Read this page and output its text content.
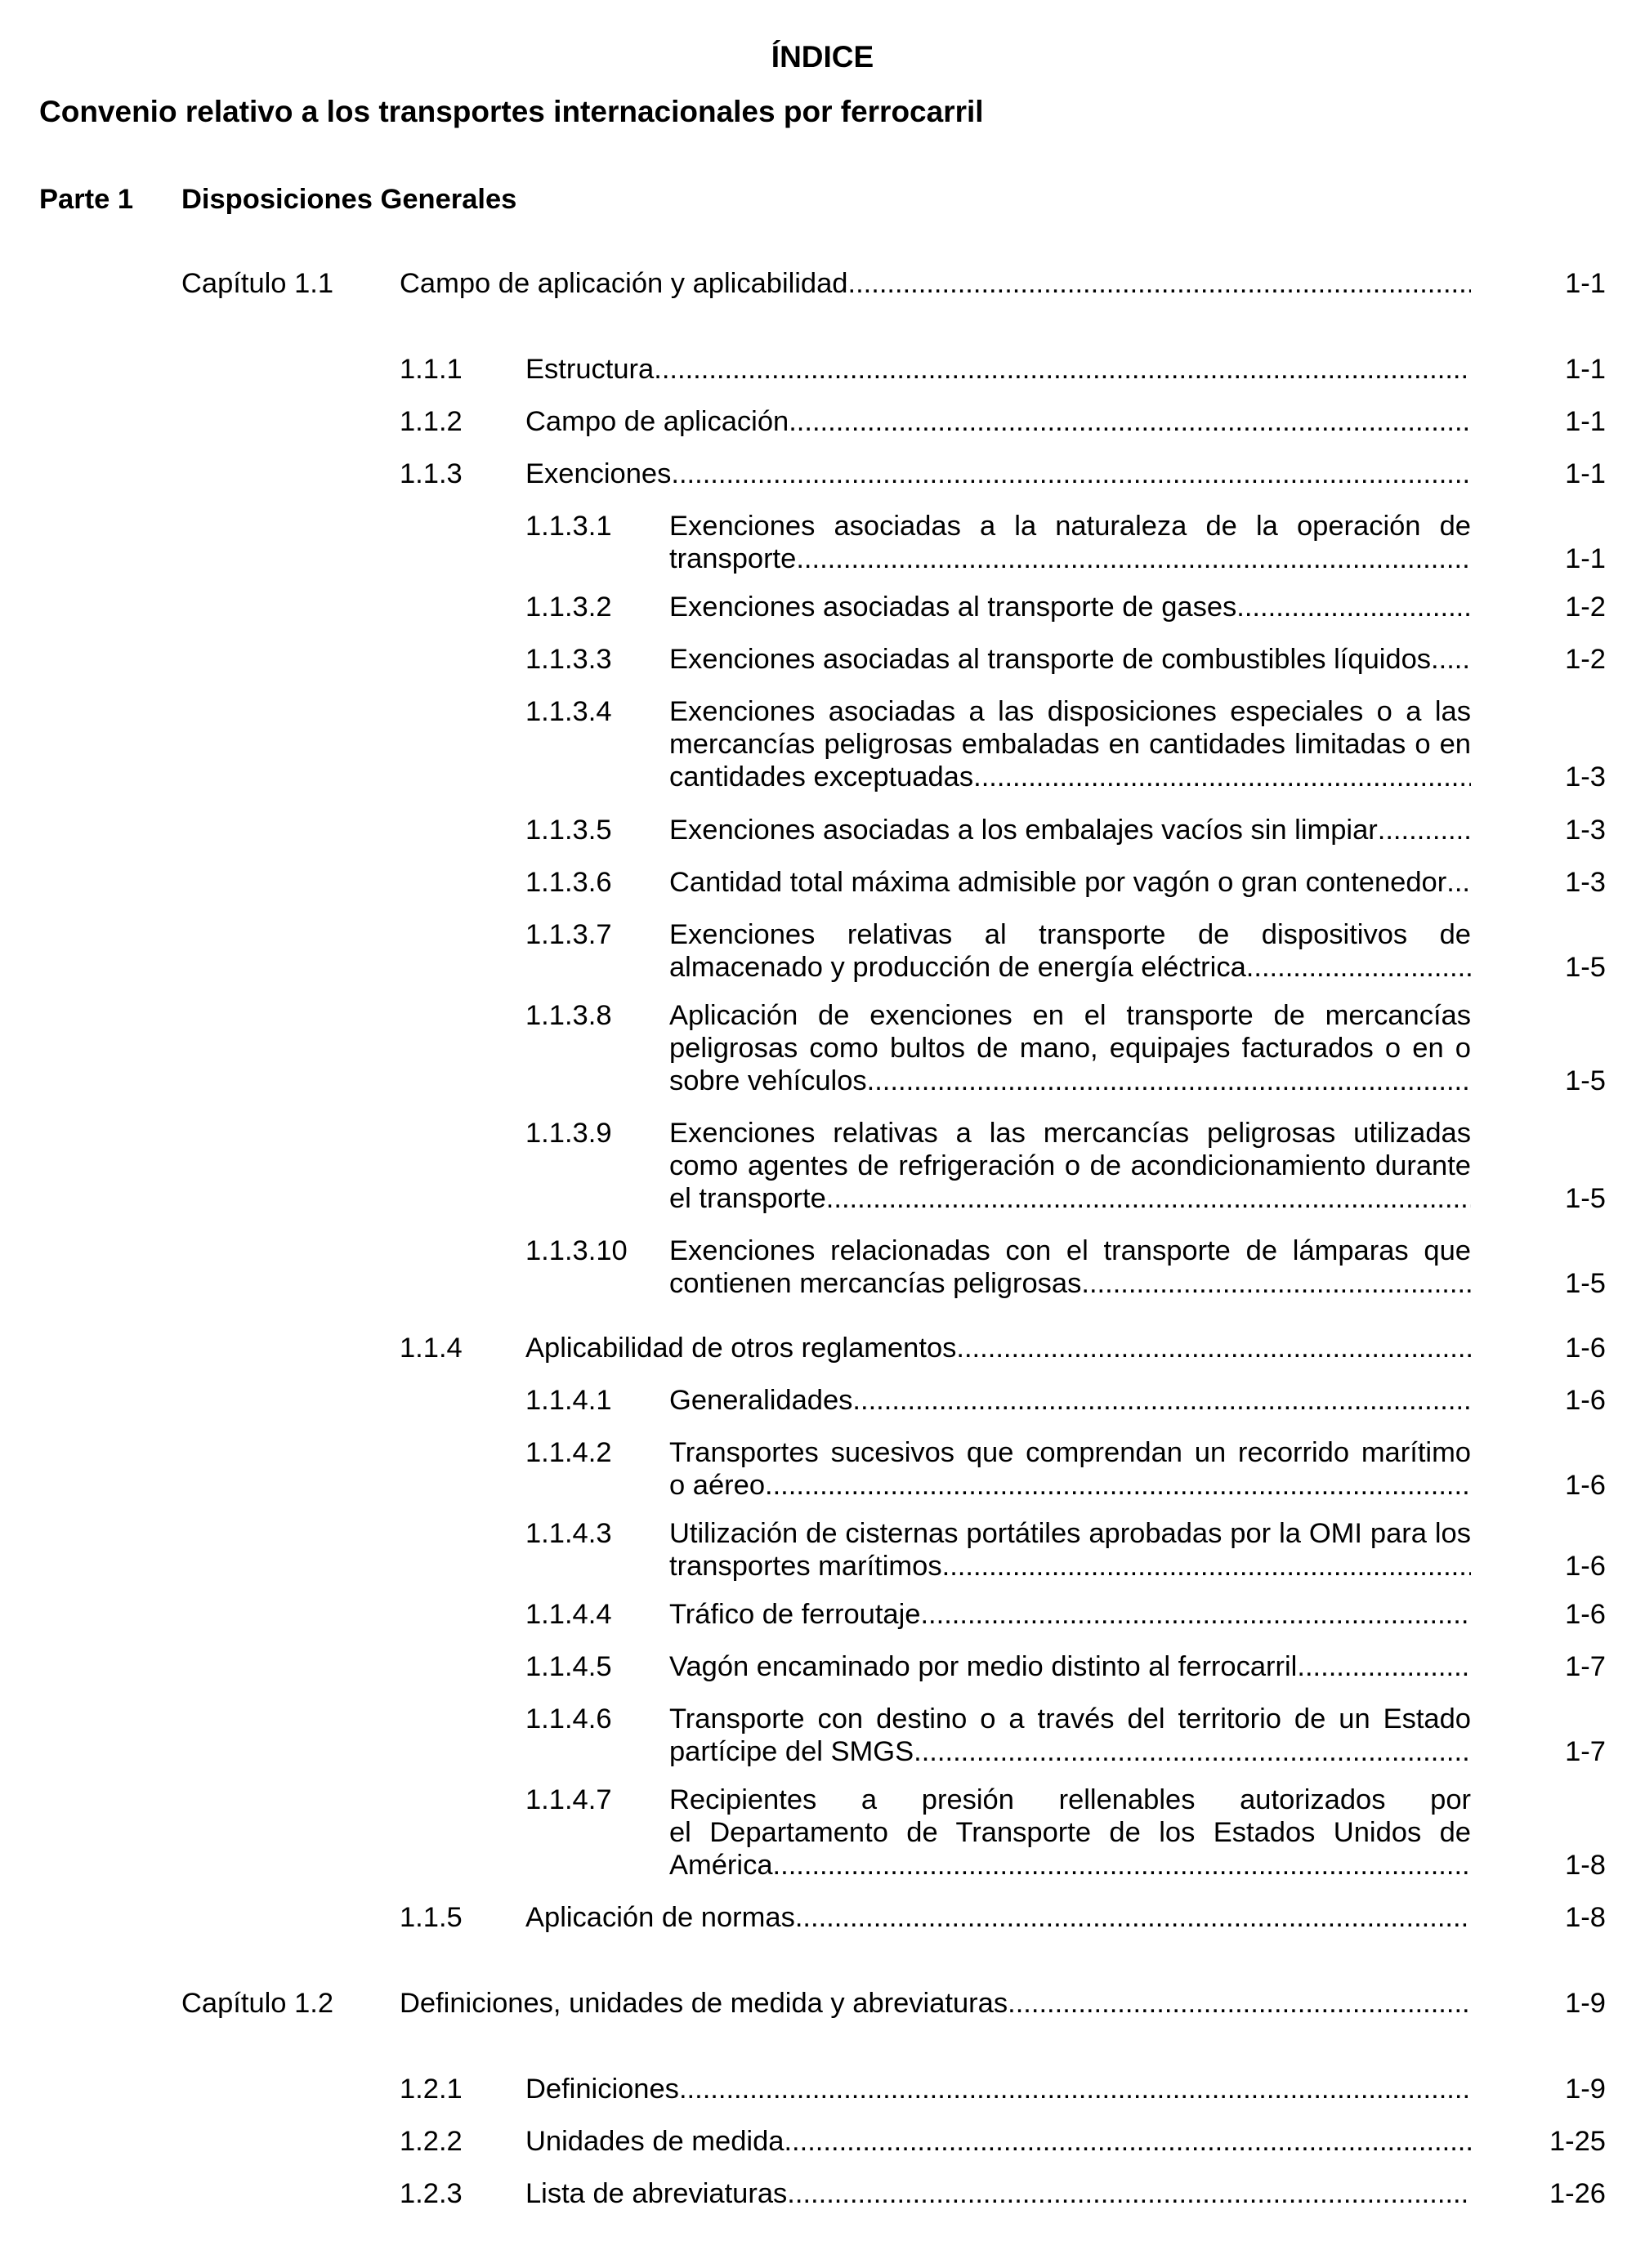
ÍNDICE
Convenio relativo a los transportes internacionales por ferrocarril
Parte 1 Disposiciones Generales
Capítulo 1.1 Campo de aplicación y aplicabilidad .....	1-1
1.1.1 Estructura .....	1-1
1.1.2 Campo de aplicación .....	1-1
1.1.3 Exenciones .....	1-1
1.1.3.1 Exenciones asociadas a la naturaleza de la operación de
transporte .....	1-1
1.1.3.2 Exenciones asociadas al transporte de gases .....	1-2
1.1.3.3 Exenciones asociadas al transporte de combustibles líquidos .....	1-2
1.1.3.4 Exenciones asociadas a las disposiciones especiales o a las
mercancías peligrosas embaladas en cantidades limitadas o en
cantidades exceptuadas .....	1-3
1.1.3.5 Exenciones asociadas a los embalajes vacíos sin limpiar .....	1-3
1.1.3.6 Cantidad total máxima admisible por vagón o gran contenedor .....	1-3
1.1.3.7 Exenciones relativas al transporte de dispositivos de
almacenado y producción de energía eléctrica .....	1-5
1.1.3.8 Aplicación de exenciones en el transporte de mercancías
peligrosas como bultos de mano, equipajes facturados o en o
sobre vehículos .....	1-5
1.1.3.9 Exenciones relativas a las mercancías peligrosas utilizadas
como agentes de refrigeración o de acondicionamiento durante
el transporte .....	1-5
1.1.3.10 Exenciones relacionadas con el transporte de lámparas que
contienen mercancías peligrosas .....	1-5
1.1.4 Aplicabilidad de otros reglamentos .....	1-6
1.1.4.1 Generalidades .....	1-6
1.1.4.2 Transportes sucesivos que comprendan un recorrido marítimo
o aéreo .....	1-6
1.1.4.3 Utilización de cisternas portátiles aprobadas por la OMI para los
transportes marítimos
.....	1-6
1.1.4.4 Tráfico de ferroutaje .....	1-6
1.1.4.5 Vagón encaminado por medio distinto al ferrocarril .....	1-7
1.1.4.6 Transporte con destino o a través del territorio de un Estado
partícipe del SMGS .....	1-7
1.1.4.7 Recipientes a presión rellenables autorizados por
el Departamento de Transporte de los Estados Unidos de
América .....	1-8
1.1.5 Aplicación de normas .....	1-8
Capítulo 1.2 Definiciones, unidades de medida y abreviaturas .....	1-9
1.2.1 Definiciones .....	1-9
1.2.2 Unidades de medida .....	1-25
1.2.3 Lista de abreviaturas .....	1-26
